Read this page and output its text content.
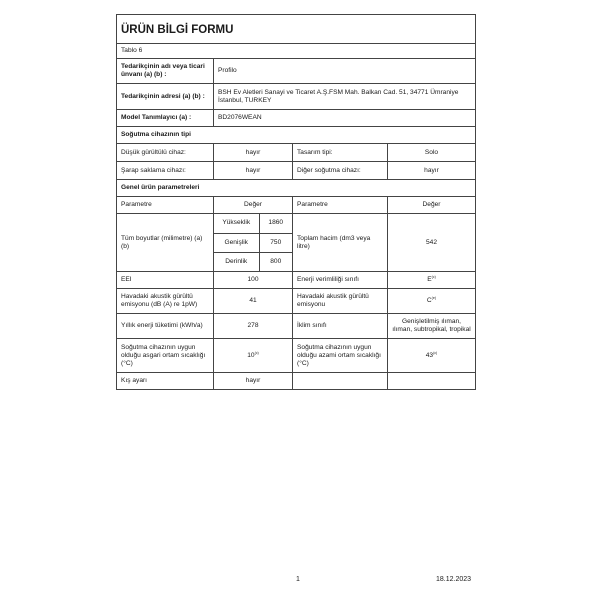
ÜRÜN BİLGİ FORMU
Tablo 6
Tedarikçinin adı veya ticari ünvanı (a) (b) :	Profilo
Tedarikçinin adresi (a) (b) :	BSH Ev Aletleri Sanayi ve Ticaret A.Ş.FSM Mah. Balkan Cad. 51, 34771 Ümraniye İstanbul, TURKEY
Model Tanımlayıcı (a) :	BD2076WEAN
Soğutma cihazının tipi
Düşük gürültülü cihaz:	hayır	Tasarım tipi:	Solo
Şarap saklama cihazı:	hayır	Diğer soğutma cihazı:	hayır
Genel ürün parametreleri
Parametre	Değer	Parametre	Değer
Tüm boyutlar (milimetre) (a) (b)	
Yükseklik	1860
Genişlik	750
Derinlik	800
	Toplam hacim (dm3 veya litre)	542
EEI	100	Enerji verimliliği sınıfı	$E^{(c)}$
Havadaki akustik gürültü emisyonu (dB (A) re 1pW)	41	Havadaki akustik gürültü emisyonu	$C^{(e)}$
Yıllık enerji tüketimi (kWh/a)	278	İklim sınıfı	Genişletilmiş ılıman, ılıman, subtropikal, tropikal
Soğutma cihazının uygun olduğu asgari ortam sıcaklığı (°C)	10$^{(c)}$	Soğutma cihazının uygun olduğu azami ortam sıcaklığı (°C)	43$^{(c)}$
Kış ayarı	hayır		
1	18.12.2023
